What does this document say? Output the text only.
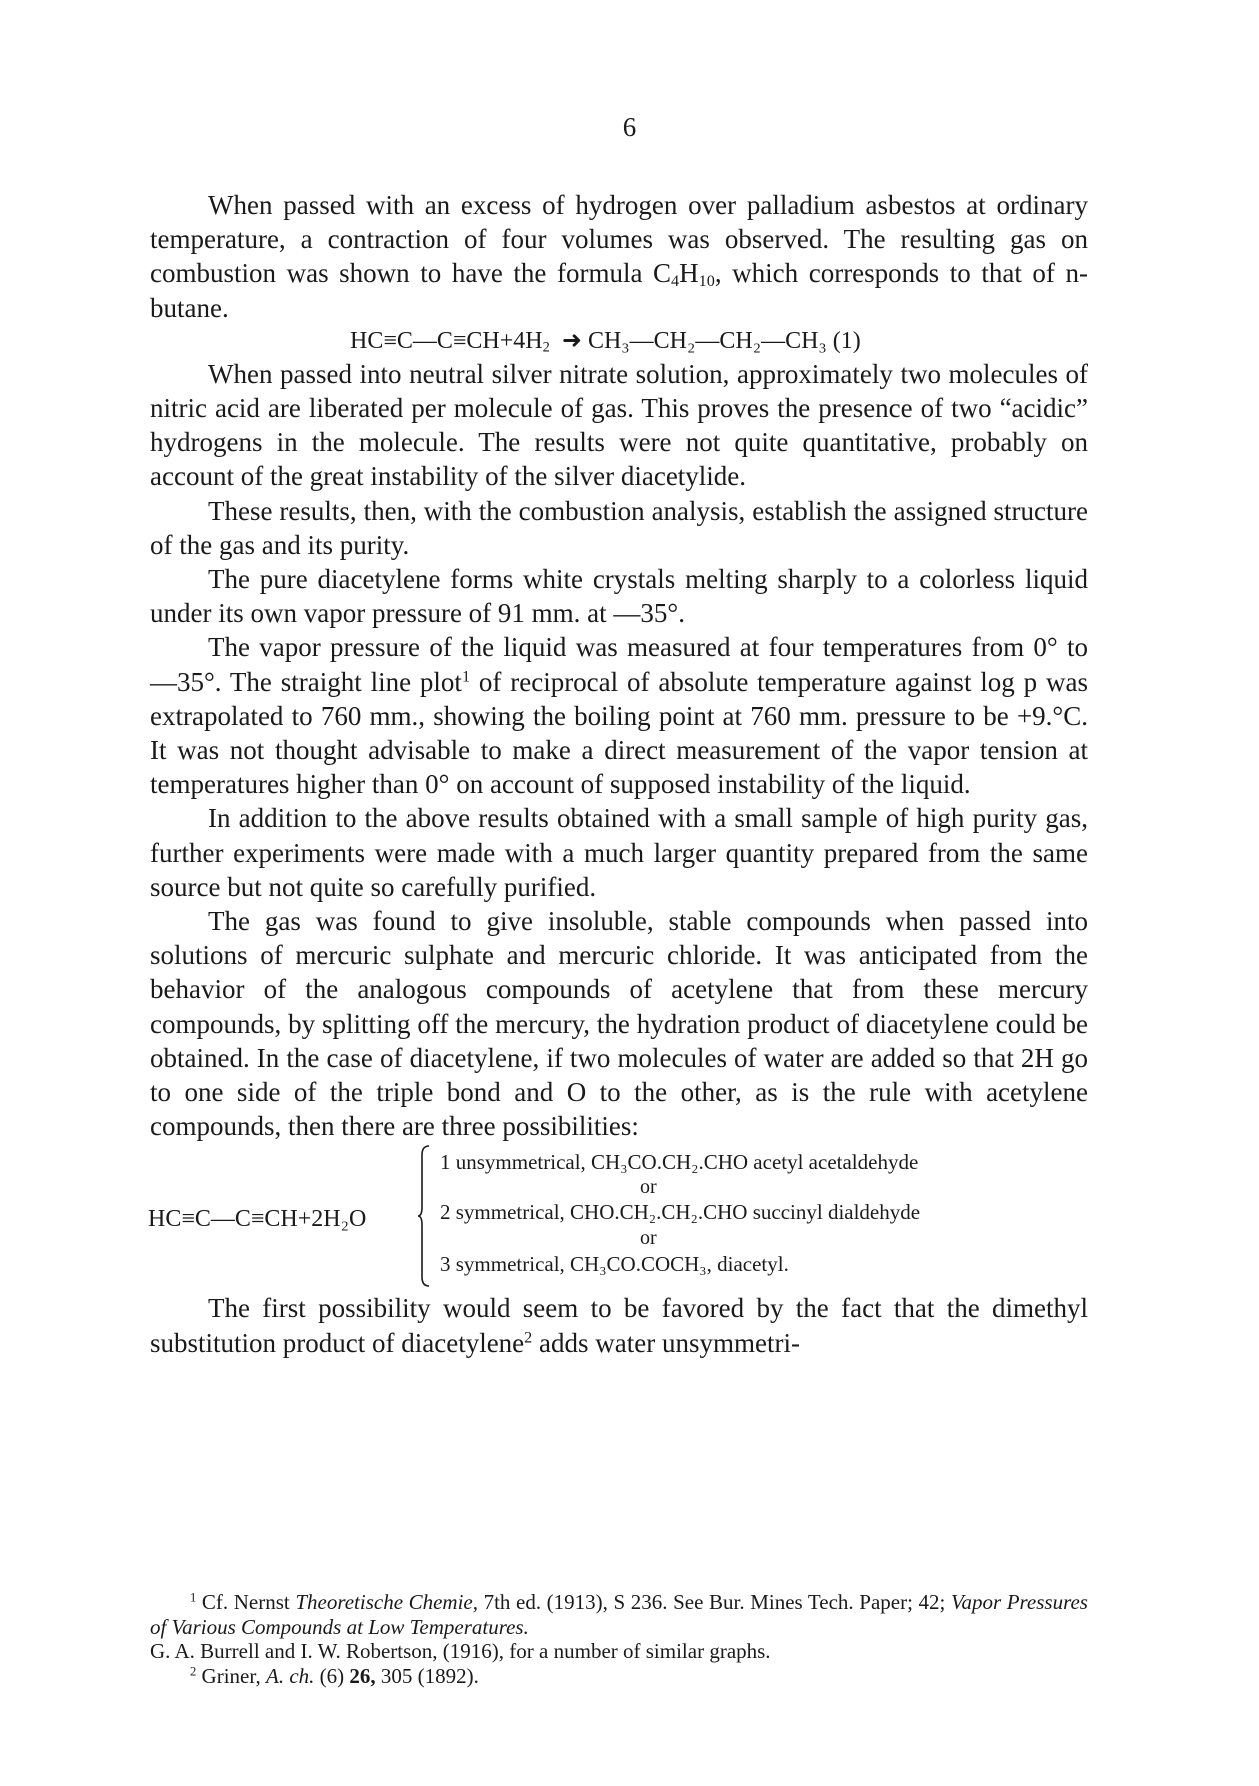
6

When passed with an excess of hydrogen over palladium asbestos at ordinary temperature, a contraction of four volumes was observed. The resulting gas on combustion was shown to have the formula $C_4H_{10}$, which corresponds to that of n-butane.

$HC\equiv C—C\equiv CH+4H_2$ ➜ CH₃—CH₂—CH₂—CH₃ (1)

When passed into neutral silver nitrate solution, approximately two molecules of nitric acid are liberated per molecule of gas. This proves the presence of two “acidic” hydrogens in the molecule. The results were not quite quantitative, probably on account of the great instability of the silver diacetylide.

These results, then, with the combustion analysis, establish the assigned structure of the gas and its purity.

The pure diacetylene forms white crystals melting sharply to a colorless liquid under its own vapor pressure of 91 mm. at —35°.

The vapor pressure of the liquid was measured at four temperatures from 0° to —35°. The straight line plot$^1$ of reciprocal of absolute temperature against log p was extrapolated to 760 mm., showing the boiling point at 760 mm. pressure to be +9.°C. It was not thought advisable to make a direct measurement of the vapor tension at temperatures higher than 0° on account of supposed instability of the liquid.

In addition to the above results obtained with a small sample of high purity gas, further experiments were made with a much larger quantity prepared from the same source but not quite so carefully purified.

The gas was found to give insoluble, stable compounds when passed into solutions of mercuric sulphate and mercuric chloride. It was anticipated from the behavior of the analogous compounds of acetylene that from these mercury compounds, by splitting off the mercury, the hydration product of diacetylene could be obtained. In the case of diacetylene, if two molecules of water are added so that 2H go to one side of the triple bond and O to the other, as is the rule with acetylene compounds, then there are three possibilities:

HC≡C—C≡CH+2H₂O
1 unsymmetrical, CH₃CO.CH₂.CHO acetyl acetaldehyde
or
2 symmetrical, CHO.CH₂.CH₂.CHO succinyl dialdehyde
or
3 symmetrical, CH₃CO.COCH₃, diacetyl.

The first possibility would seem to be favored by the fact that the dimethyl substitution product of diacetylene$^2$ adds water unsymmetri-

$^1$ Cf. Nernst Theoretische Chemie, 7th ed. (1913), S 236. See Bur. Mines Tech. Paper; 42; Vapor Pressures of Various Compounds at Low Temperatures.

G. A. Burrell and I. W. Robertson, (1916), for a number of similar graphs.

$^2$ Griner, A. ch. (6) 26, 305 (1892).
